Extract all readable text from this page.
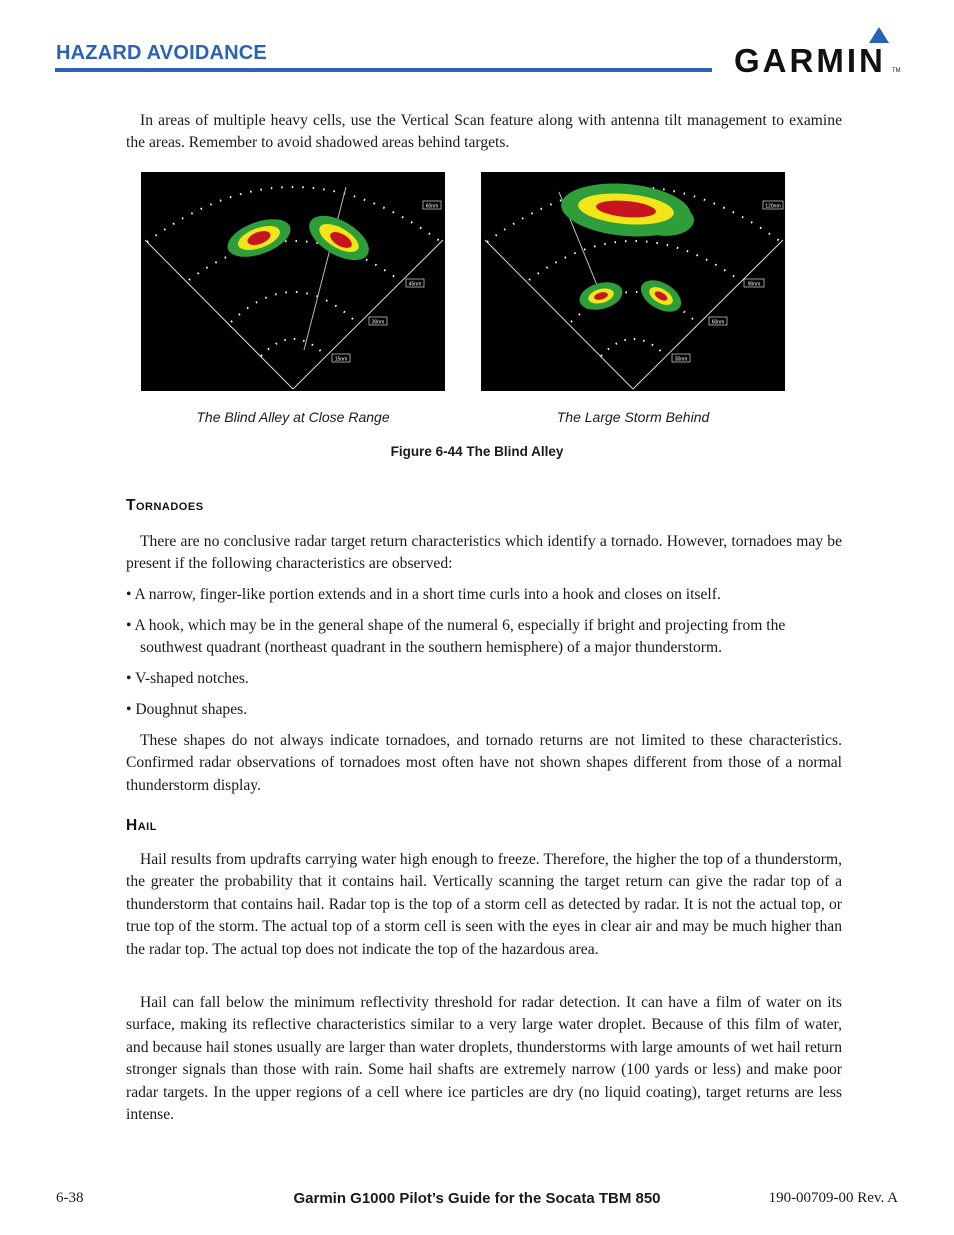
HAZARD AVOIDANCE	GARMIN TM

In areas of multiple heavy cells, use the Vertical Scan feature along with antenna tilt management to examine the areas. Remember to avoid shadowed areas behind targets.

60nm
45nm
30nm
15nm
120nm
90nm
60nm
30nm
The Blind Alley at Close Range	The Large Storm Behind
Figure 6-44 The Blind Alley
Tornadoes

There are no conclusive radar target return characteristics which identify a tornado. However, tornadoes may be present if the following characteristics are observed:

• A narrow, finger-like portion extends and in a short time curls into a hook and closes on itself.

• A hook, which may be in the general shape of the numeral 6, especially if bright and projecting from the southwest quadrant (northeast quadrant in the southern hemisphere) of a major thunderstorm.

• V-shaped notches.

• Doughnut shapes.

These shapes do not always indicate tornadoes, and tornado returns are not limited to these characteristics. Confirmed radar observations of tornadoes most often have not shown shapes different from those of a normal thunderstorm display.

Hail

Hail results from updrafts carrying water high enough to freeze. Therefore, the higher the top of a thunderstorm, the greater the probability that it contains hail. Vertically scanning the target return can give the radar top of a thunderstorm that contains hail. Radar top is the top of a storm cell as detected by radar. It is not the actual top, or true top of the storm. The actual top of a storm cell is seen with the eyes in clear air and may be much higher than the radar top. The actual top does not indicate the top of the hazardous area.

Hail can fall below the minimum reflectivity threshold for radar detection. It can have a film of water on its surface, making its reflective characteristics similar to a very large water droplet. Because of this film of water, and because hail stones usually are larger than water droplets, thunderstorms with large amounts of wet hail return stronger signals than those with rain. Some hail shafts are extremely narrow (100 yards or less) and make poor radar targets. In the upper regions of a cell where ice particles are dry (no liquid coating), target returns are less intense.

6-38	Garmin G1000 Pilot’s Guide for the Socata TBM 850	190-00709-00 Rev. A
